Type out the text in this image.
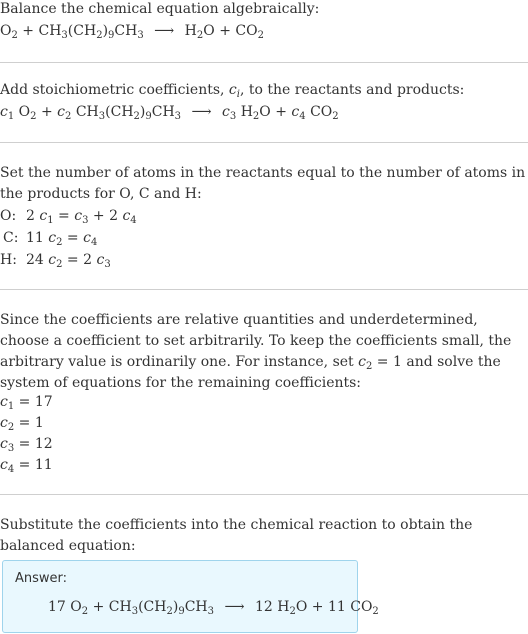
Balance the chemical equation algebraically:
$O_2 + CH_3(CH_2)_9CH_3$ ⟶ $H_2O + CO_2$
Add stoichiometric coefficients, $c_i$, to the reactants and products:
$c_1$ $O_2 + c_2$ $CH_3(CH_2)_9CH_3$ ⟶ $c_3$ $H_2O + c_4$ $CO_2$
Set the number of atoms in the reactants equal to the number of atoms in the products for O, C and H:
O: 2 $c_1 = c_3 + 2$ $c_4$
C: 11 $c_2 = c_4$
H: 24 $c_2 = 2$ $c_3$
Since the coefficients are relative quantities and underdetermined, choose a coefficient to set arbitrarily. To keep the coefficients small, the arbitrary value is ordinarily one. For instance, set $c_2 = 1$ and solve the system of equations for the remaining coefficients:
$c_1 = 17$
$c_2 = 1$
$c_3 = 12$
$c_4 = 11$
Substitute the coefficients into the chemical reaction to obtain the balanced equation:
Answer:
17 $O_2 + CH_3(CH_2)_9CH_3$ ⟶ 12 $H_2O + 11$ $CO_2$
